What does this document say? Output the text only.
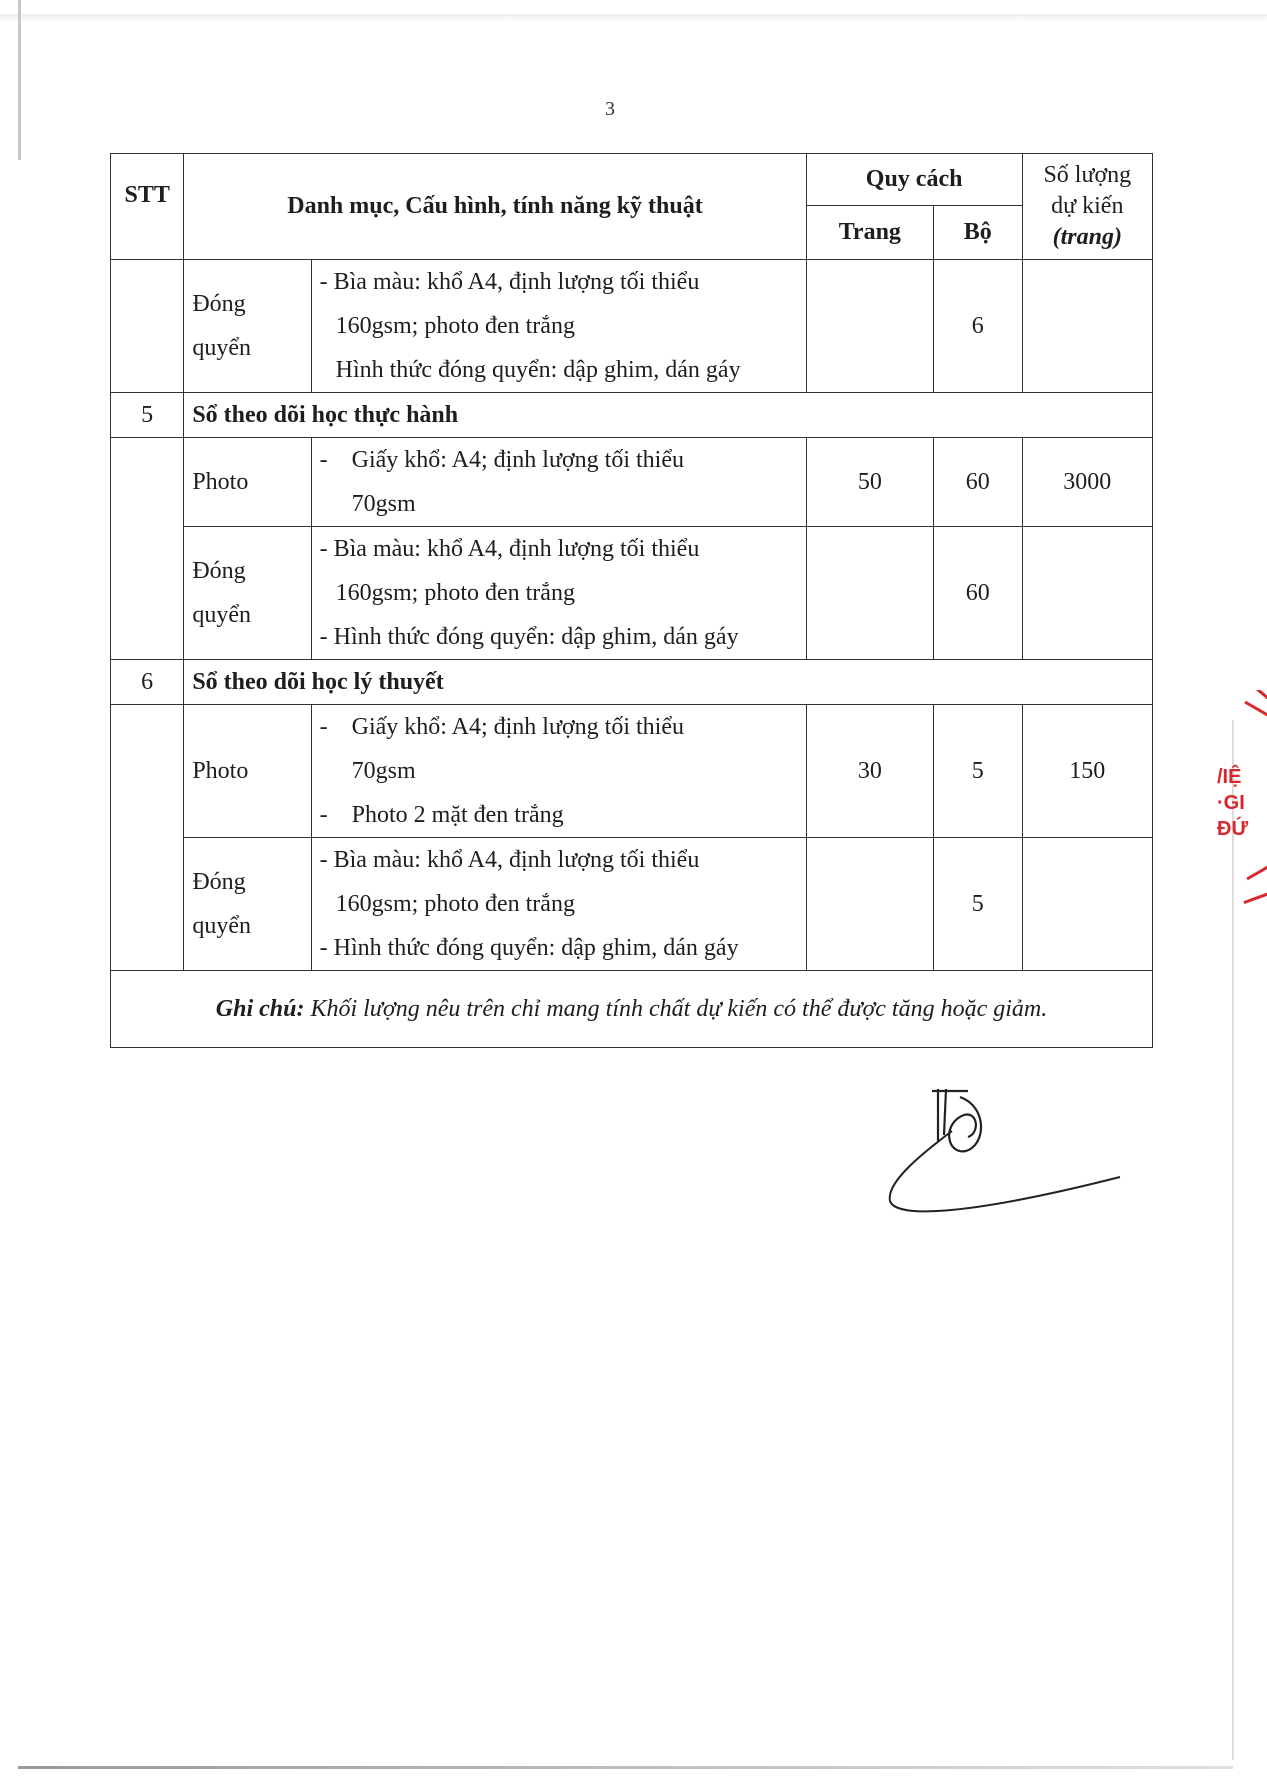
3
STT	Danh mục, Cấu hình, tính năng kỹ thuật		Quy cách		Số lượng
dự kiến
(trang)

			Trang	Bộ	

	Đóng
quyển	- Bìa màu: khổ A4, định lượng tối thiểu
160gsm; photo đen trắng
Hình thức đóng quyển: dập ghim, dán gáy		6	
5	Sổ theo dõi học thực hành				
	Photo	- Giấy khổ: A4; định lượng tối thiểu
70gsm	50	60	3000

	Đóng
quyển	- Bìa màu: khổ A4, định lượng tối thiểu
160gsm; photo đen trắng
- Hình thức đóng quyển: dập ghim, dán gáy		60	
6	Sổ theo dõi học lý thuyết				
	Photo	- Giấy khổ: A4; định lượng tối thiểu
70gsm
- Photo 2 mặt đen trắng	30	5	150

	Đóng
quyển	- Bìa màu: khổ A4, định lượng tối thiểu
160gsm; photo đen trắng
- Hình thức đóng quyển: dập ghim, dán gáy		5	
Ghi chú: Khối lượng nêu trên chỉ mang tính chất dự kiến có thể được tăng hoặc giảm.					
/IỆ
·GI
ĐỨ
